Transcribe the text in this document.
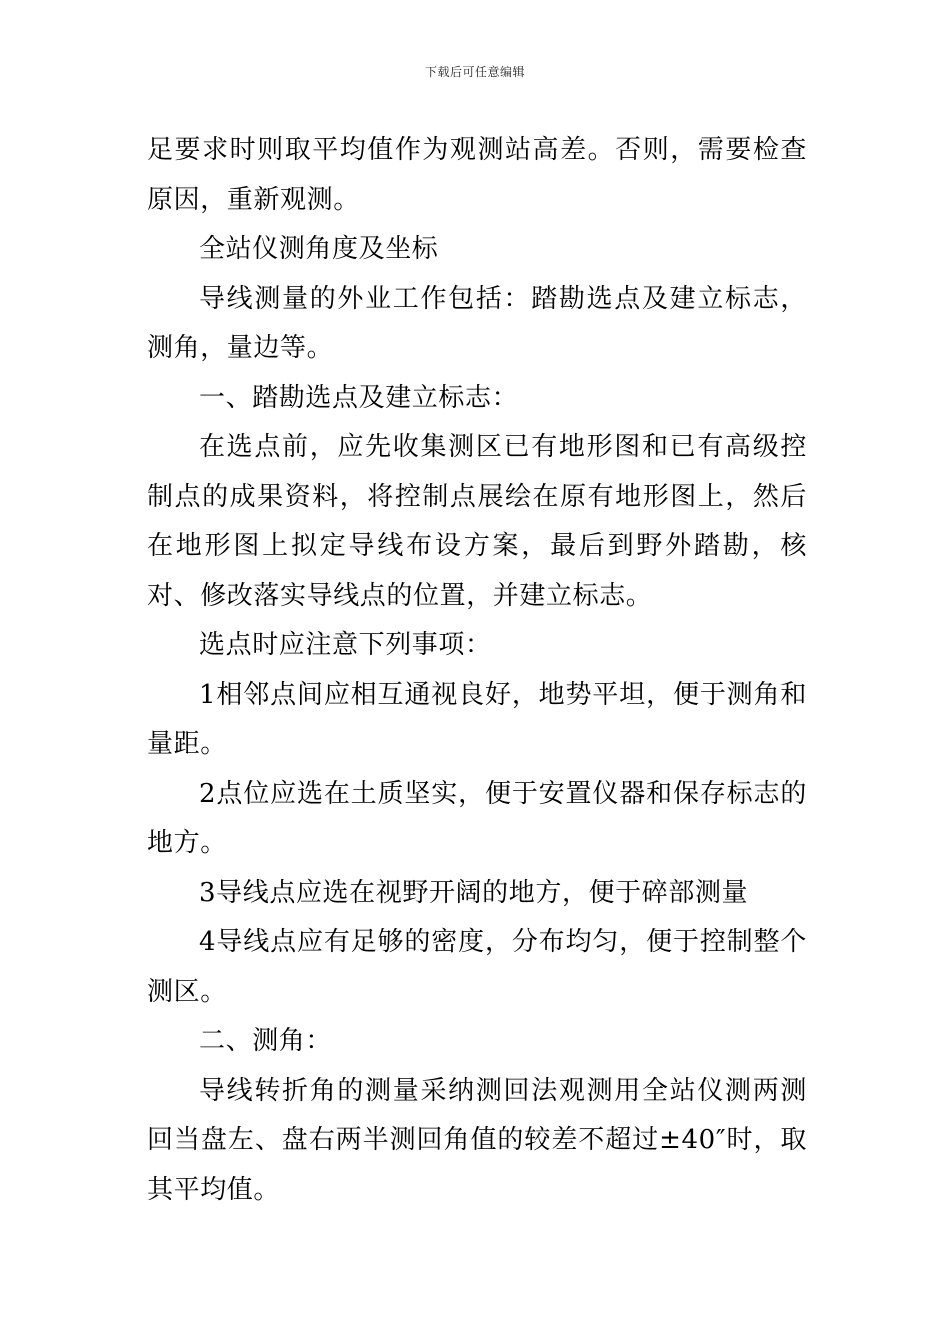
下载后可任意编辑

足要求时则取平均值作为观测站高差。否则，需要检查原因，重新观测。

全站仪测角度及坐标

导线测量的外业工作包括：踏勘选点及建立标志，测角，量边等。

一、踏勘选点及建立标志：

在选点前，应先收集测区已有地形图和已有高级控制点的成果资料，将控制点展绘在原有地形图上，然后在地形图上拟定导线布设方案，最后到野外踏勘，核对、修改落实导线点的位置，并建立标志。

选点时应注意下列事项：

1相邻点间应相互通视良好，地势平坦，便于测角和量距。

2点位应选在土质坚实，便于安置仪器和保存标志的地方。

3导线点应选在视野开阔的地方，便于碎部测量

4导线点应有足够的密度，分布均匀，便于控制整个测区。

二、测角：

导线转折角的测量采纳测回法观测用全站仪测两测回当盘左、盘右两半测回角值的较差不超过±40″时，取其平均值。
